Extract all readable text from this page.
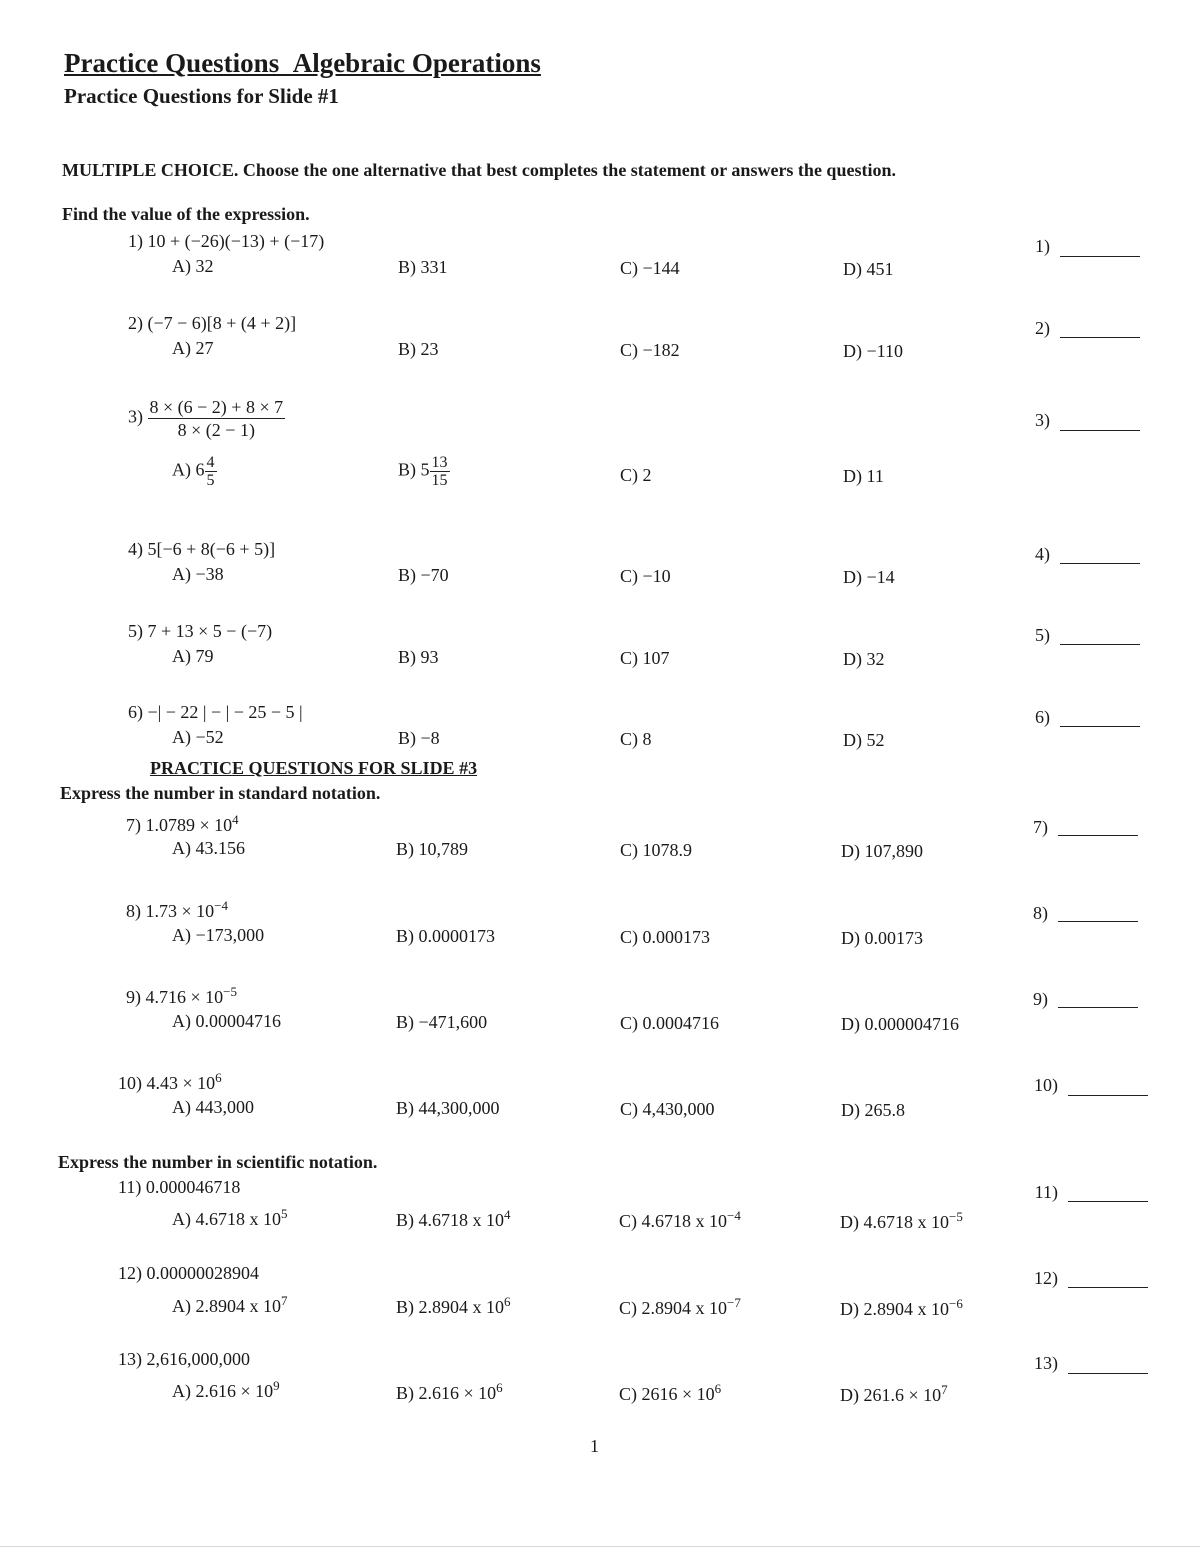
Practice Questions_Algebraic Operations
Practice Questions for Slide #1
MULTIPLE CHOICE. Choose the one alternative that best completes the statement or answers the question.
Find the value of the expression.
1) 10 + (−26)(−13) + (−17)
A) 32	B) 331	C) −144	D) 451
1)
2) (−7 − 6)[8 + (4 + 2)]
A) 27	B) 23	C) −182	D) −110
2)
$3) \frac{8 \times (6 - 2) + 8 \times 7}{8 \times (2 - 1)}$
A) $6 \frac{4}{5}$	B) $5 \frac{13}{15}$	C) 2	D) 11
3)
4) 5[−6 + 8(−6 + 5)]
A) −38	B) −70	C) −10	D) −14
4)
5) 7 + 13 × 5 − (−7)
A) 79	B) 93	C) 107	D) 32
5)
6) −| − 22 | − | − 25 − 5 |
A) −52	B) −8	C) 8	D) 52
6)
PRACTICE QUESTIONS FOR SLIDE #3
Express the number in standard notation.
7) $1.0789 \times 10^4$
A) 43.156	B) 10,789	C) 1078.9	D) 107,890
7)
8) $1.73 \times 10^{-4}$
A) −173,000	B) 0.0000173	C) 0.000173	D) 0.00173
8)
9) $4.716 \times 10^{-5}$
A) 0.00004716	B) −471,600	C) 0.0004716	D) 0.000004716
9)
10) $4.43 \times 10^6$
A) 443,000	B) 44,300,000	C) 4,430,000	D) 265.8
10)
Express the number in scientific notation.
11) 0.000046718
A) 4.6718 x $10^5$	B) 4.6718 x $10^4$	C) 4.6718 x $10^{-4}$	D) 4.6718 x $10^{-5}$
11)
12) 0.00000028904
A) 2.8904 x $10^7$	B) 2.8904 x $10^6$	C) 2.8904 x $10^{-7}$	D) 2.8904 x $10^{-6}$
12)
13) 2,616,000,000
A) $2.616 \times 10^9$	B) $2.616 \times 10^6$	C) $2616 \times 10^6$	D) $261.6 \times 10^7$
13)
1
